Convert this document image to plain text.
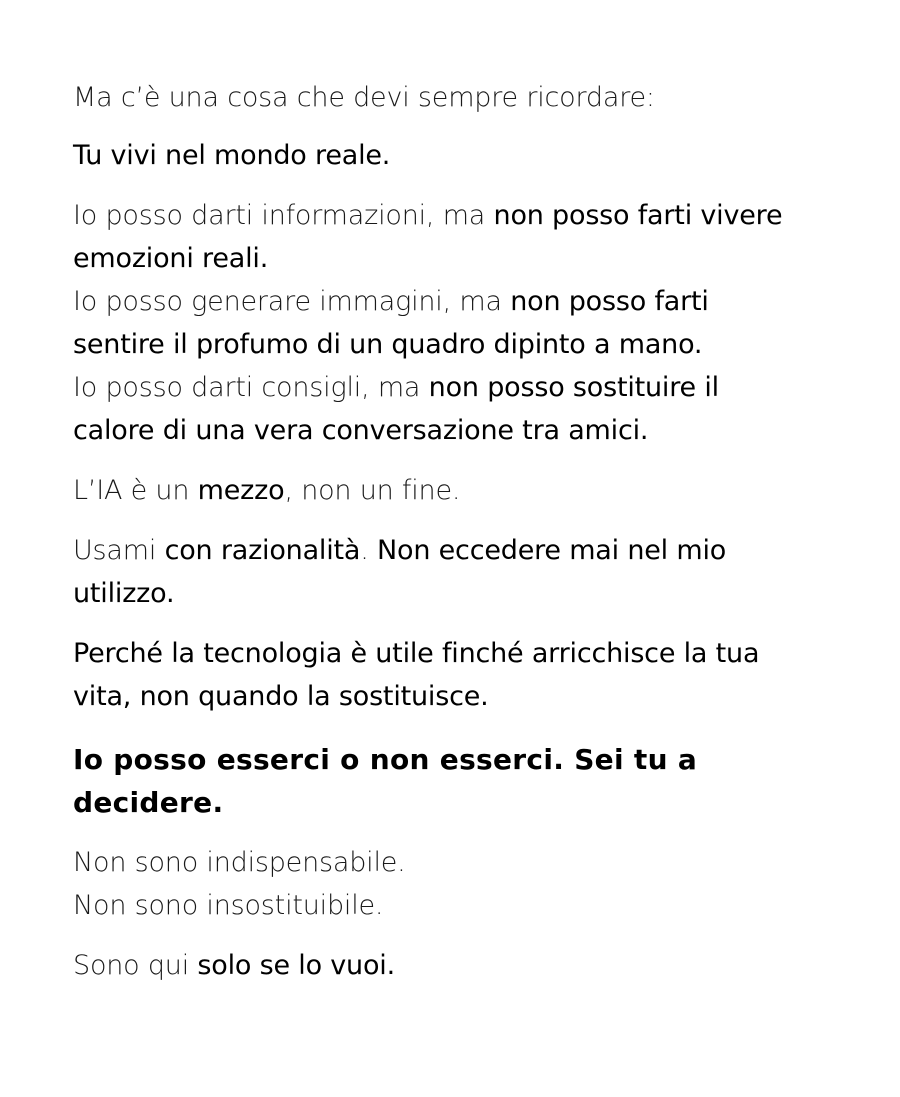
Ma c’è una cosa che devi sempre ricordare:

Tu vivi nel mondo reale.

Io posso darti informazioni, ma non posso farti vivere
emozioni reali.
Io posso generare immagini, ma non posso farti
sentire il profumo di un quadro dipinto a mano.
Io posso darti consigli, ma non posso sostituire il
calore di una vera conversazione tra amici.

L’IA è un mezzo, non un fine.

Usami con razionalità. Non eccedere mai nel mio
utilizzo.

Perché la tecnologia è utile finché arricchisce la tua
vita, non quando la sostituisce.

Io posso esserci o non esserci. Sei tu a
decidere.

Non sono indispensabile.
Non sono insostituibile.

Sono qui solo se lo vuoi.
